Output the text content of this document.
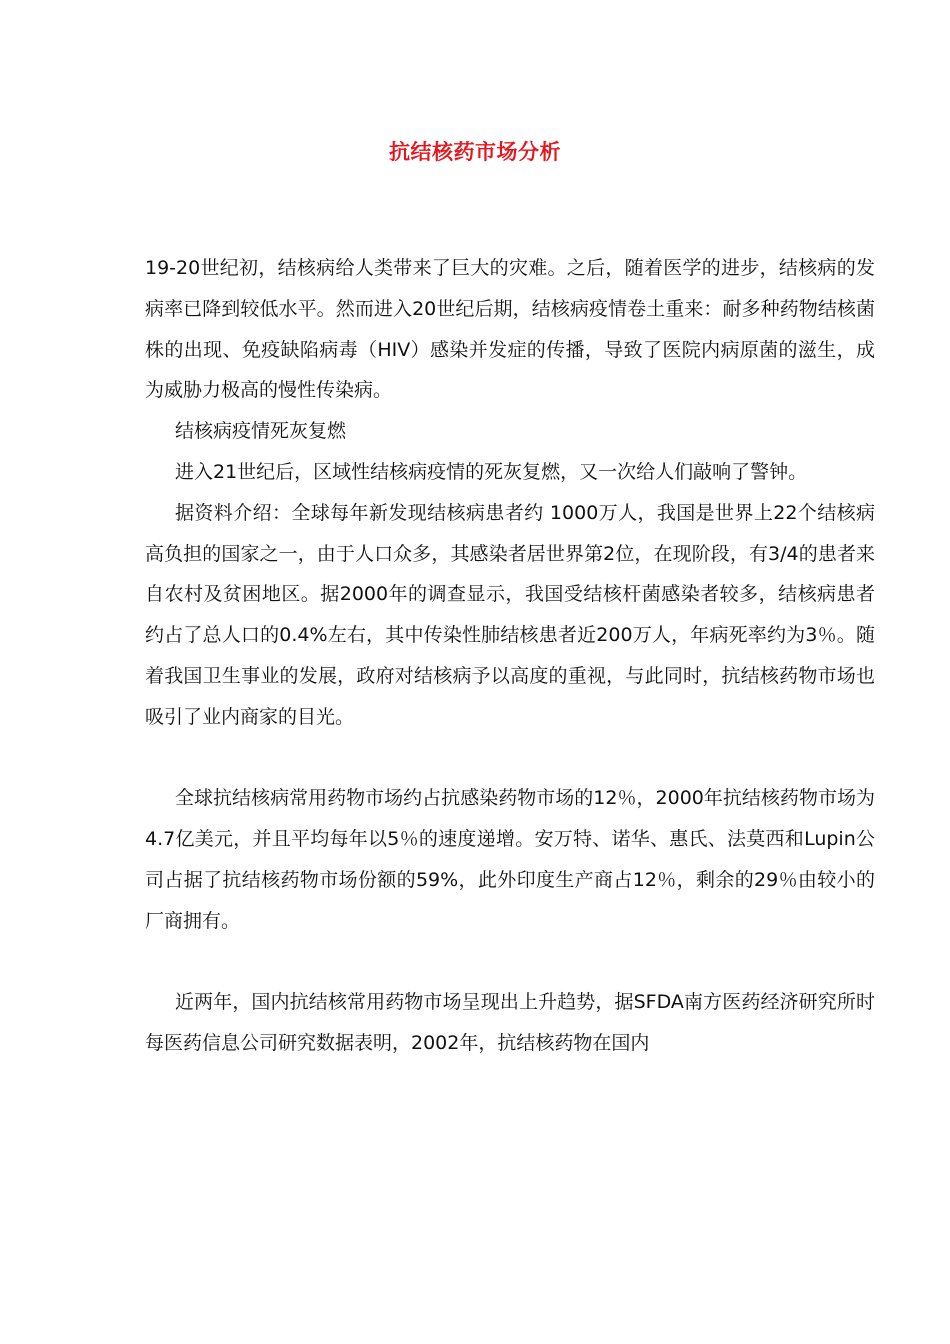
抗结核药市场分析

19-20世纪初，结核病给人类带来了巨大的灾难。之后，随着医学的进步，结核病的发病率已降到较低水平。然而进入20世纪后期，结核病疫情卷土重来：耐多种药物结核菌株的出现、免疫缺陷病毒（HIV）感染并发症的传播，导致了医院内病原菌的滋生，成为威胁力极高的慢性传染病。

结核病疫情死灰复燃

进入21世纪后，区域性结核病疫情的死灰复燃，又一次给人们敲响了警钟。

据资料介绍：全球每年新发现结核病患者约 1000万人，我国是世界上22个结核病高负担的国家之一，由于人口众多，其感染者居世界第2位，在现阶段，有3/4的患者来自农村及贫困地区。据2000年的调查显示，我国受结核杆菌感染者较多，结核病患者约占了总人口的0.4%左右，其中传染性肺结核患者近200万人，年病死率约为3％。随着我国卫生事业的发展，政府对结核病予以高度的重视，与此同时，抗结核药物市场也吸引了业内商家的目光。

全球抗结核病常用药物市场约占抗感染药物市场的12％，2000年抗结核药物市场为4.7亿美元，并且平均每年以5％的速度递增。安万特、诺华、惠氏、法莫西和Lupin公司占据了抗结核药物市场份额的59%，此外印度生产商占12％，剩余的29％由较小的厂商拥有。

近两年，国内抗结核常用药物市场呈现出上升趋势，据SFDA南方医药经济研究所时每医药信息公司研究数据表明，2002年，抗结核药物在国内
